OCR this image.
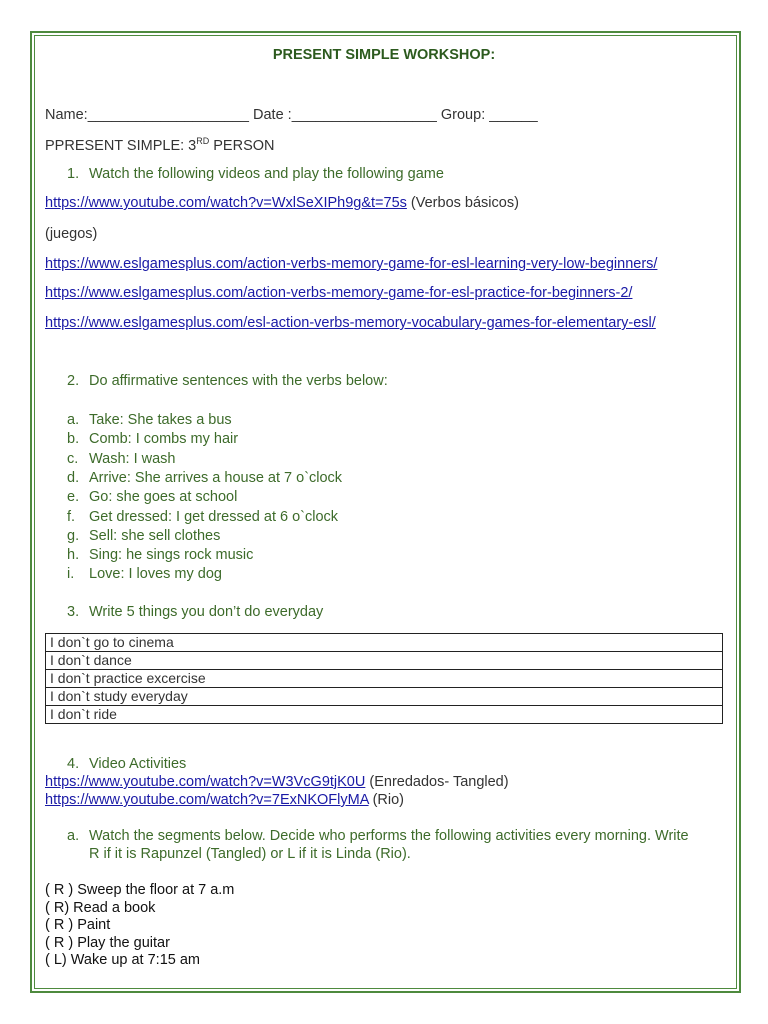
PRESENT SIMPLE WORKSHOP:
Name:____________________ Date :__________________ Group: ______
PPRESENT SIMPLE: 3RD PERSON
1. Watch the following videos and play the following game
https://www.youtube.com/watch?v=WxlSeXIPh9g&t=75s (Verbos básicos)
(juegos)
https://www.eslgamesplus.com/action-verbs-memory-game-for-esl-learning-very-low-beginners/
https://www.eslgamesplus.com/action-verbs-memory-game-for-esl-practice-for-beginners-2/
https://www.eslgamesplus.com/esl-action-verbs-memory-vocabulary-games-for-elementary-esl/
2. Do affirmative sentences with the verbs below:
a. Take: She takes a bus
b. Comb: I combs my hair
c. Wash: I wash
d. Arrive: She arrives a house at 7 o`clock
e. Go: she goes at school
f. Get dressed: I get dressed at 6 o`clock
g. Sell: she sell clothes
h. Sing: he sings rock music
i. Love: I loves my dog
3. Write 5 things you don’t do everyday
I don`t go to cinema
I don`t dance
I don`t practice excercise
I don`t study everyday
I don`t ride
4. Video Activities
https://www.youtube.com/watch?v=W3VcG9tjK0U (Enredados- Tangled)
https://www.youtube.com/watch?v=7ExNKOFlyMA (Rio)
a. Watch the segments below. Decide who performs the following activities every morning. Write
R if it is Rapunzel (Tangled) or L if it is Linda (Rio).
( R ) Sweep the floor at 7 a.m
( R) Read a book
( R ) Paint
( R ) Play the guitar
( L) Wake up at 7:15 am
